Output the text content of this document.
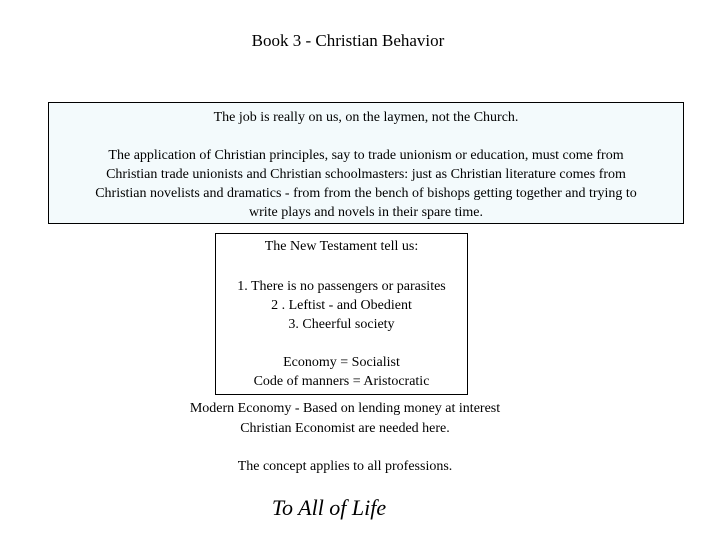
Book 3 - Christian Behavior
The job is really on us, on the laymen, not the Church.
The application of Christian principles, say to trade unionism or education, must come from
Christian trade unionists and Christian schoolmasters: just as Christian literature comes from
Christian novelists and dramatics - from from the bench of bishops getting together and trying to
write plays and novels in their spare time.
The New Testament tell us:
1. There is no passengers or parasites
2 . Leftist - and Obedient
3. Cheerful society
Economy = Socialist
Code of manners = Aristocratic
Modern Economy - Based on lending money at interest
Christian Economist are needed here.
The concept applies to all professions.
To All of Life
